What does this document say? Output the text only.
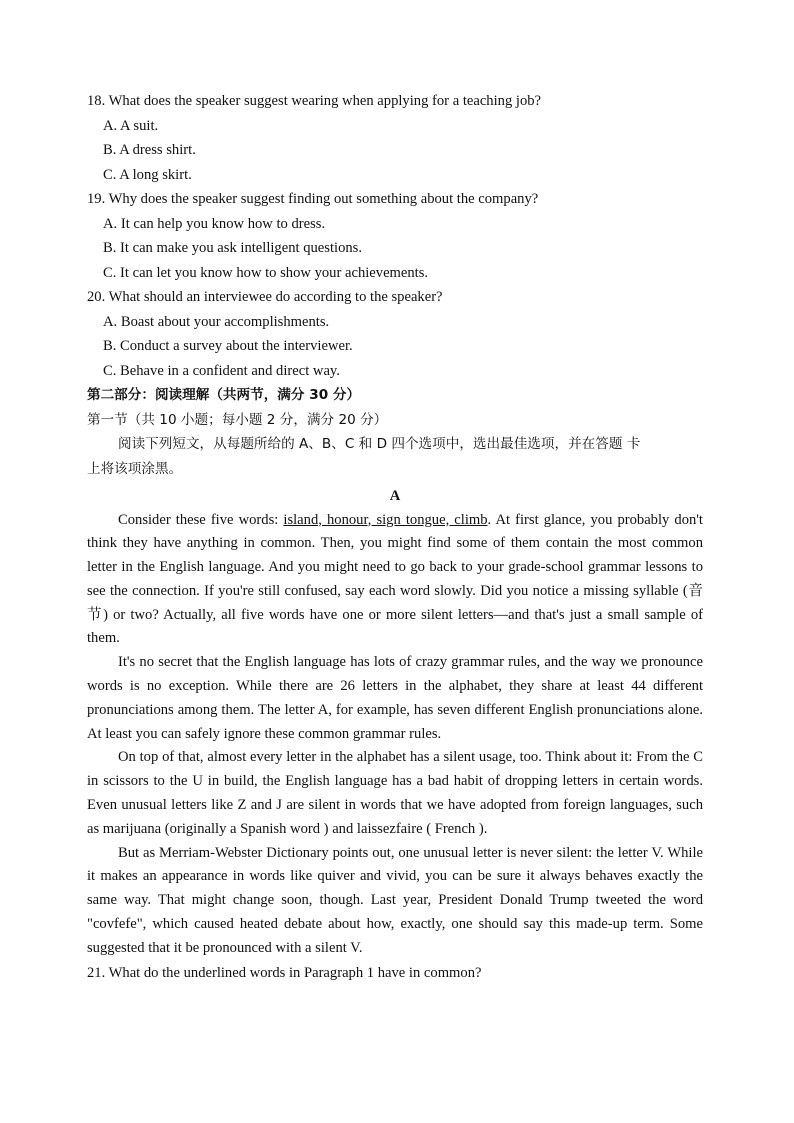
18. What does the speaker suggest wearing when applying for a teaching job?
A. A suit.
B. A dress shirt.
C. A long skirt.
19. Why does the speaker suggest finding out something about the company?
A. It can help you know how to dress.
B. It can make you ask intelligent questions.
C. It can let you know how to show your achievements.
20. What should an interviewee do according to the speaker?
A. Boast about your accomplishments.
B. Conduct a survey about the interviewer.
C. Behave in a confident and direct way.
第二部分：阅读理解（共两节，满分 30 分）
第一节（共 10 小题；每小题 2 分，满分 20 分）
阅读下列短文，从每题所给的 A、B、C 和 D 四个选项中，选出最佳选项，并在答题 卡
上将该项涂黑。
A

Consider these five words: island, honour, sign tongue, climb. At first glance, you probably don't think they have anything in common. Then, you might find some of them contain the most common letter in the English language. And you might need to go back to your grade-school grammar lessons to see the connection. If you're still confused, say each word slowly. Did you notice a missing syllable (音节) or two? Actually, all five words have one or more silent letters—and that's just a small sample of them.

It's no secret that the English language has lots of crazy grammar rules, and the way we pronounce words is no exception. While there are 26 letters in the alphabet, they share at least 44 different pronunciations among them. The letter A, for example, has seven different English pronunciations alone. At least you can safely ignore these common grammar rules.

On top of that, almost every letter in the alphabet has a silent usage, too. Think about it: From the C in scissors to the U in build, the English language has a bad habit of dropping letters in certain words. Even unusual letters like Z and J are silent in words that we have adopted from foreign languages, such as marijuana (originally a Spanish word ) and laissezfaire ( French ).

But as Merriam-Webster Dictionary points out, one unusual letter is never silent: the letter V. While it makes an appearance in words like quiver and vivid, you can be sure it always behaves exactly the same way. That might change soon, though. Last year, President Donald Trump tweeted the word "covfefe", which caused heated debate about how, exactly, one should say this made-up term. Some suggested that it be pronounced with a silent V.

21. What do the underlined words in Paragraph 1 have in common?
